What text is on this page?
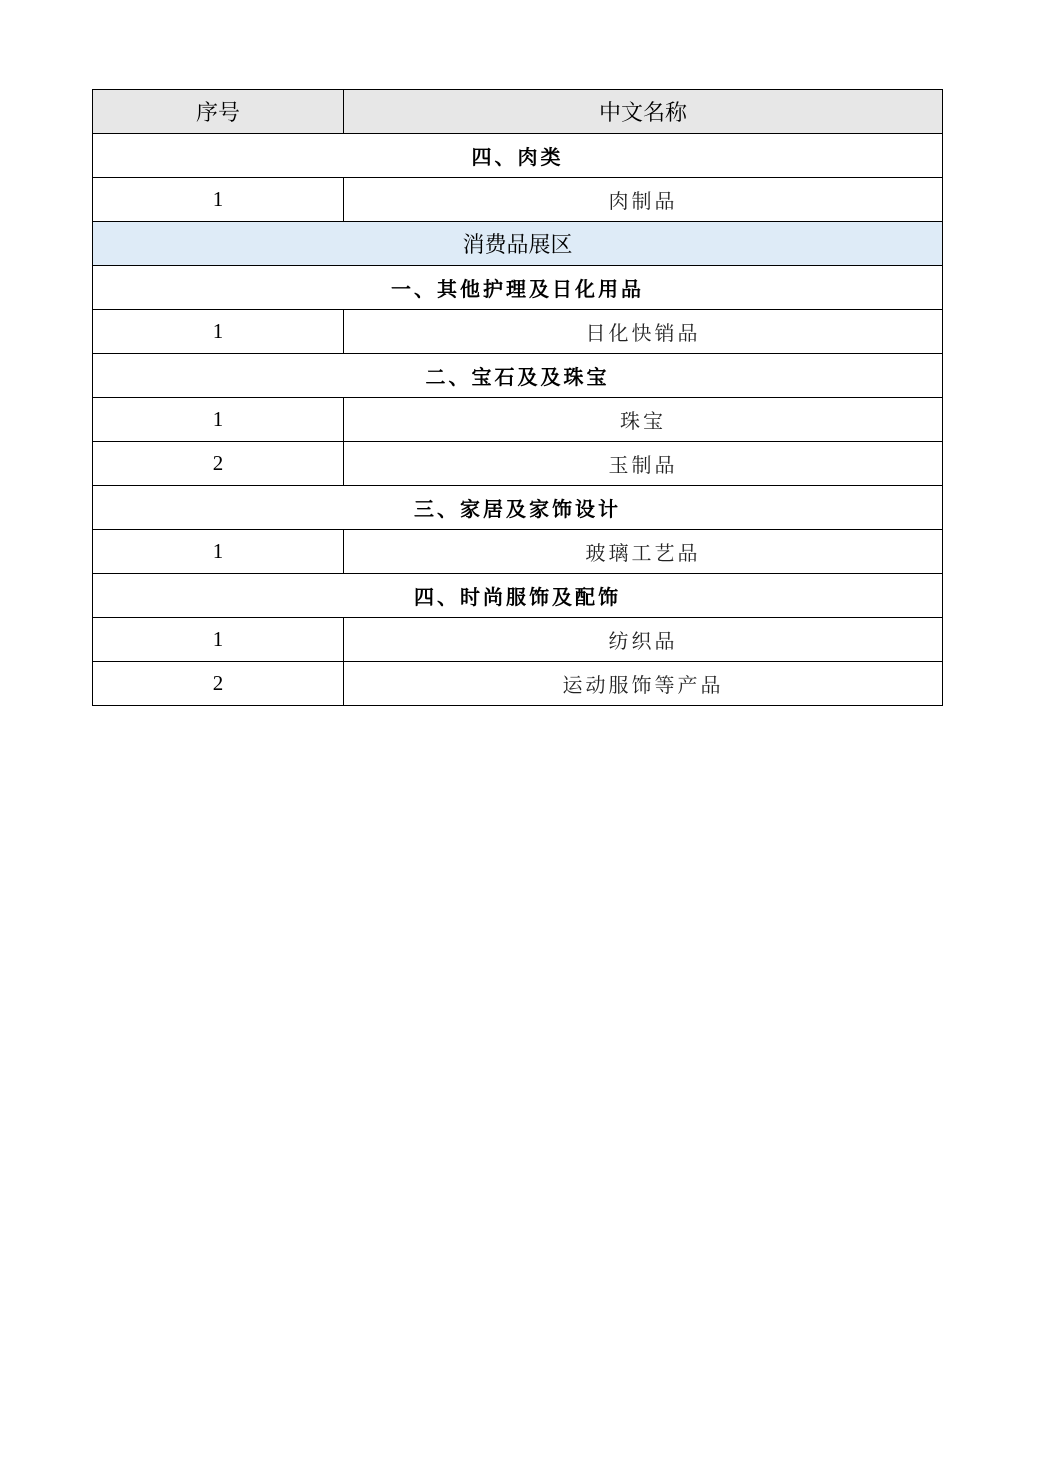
序号	中文名称
四、肉类	
1	肉制品
消费品展区	
一、其他护理及日化用品	
1	日化快销品
二、宝石及及珠宝	
1	珠宝
2	玉制品
三、家居及家饰设计	
1	玻璃工艺品
四、时尚服饰及配饰	
1	纺织品
2	运动服饰等产品
